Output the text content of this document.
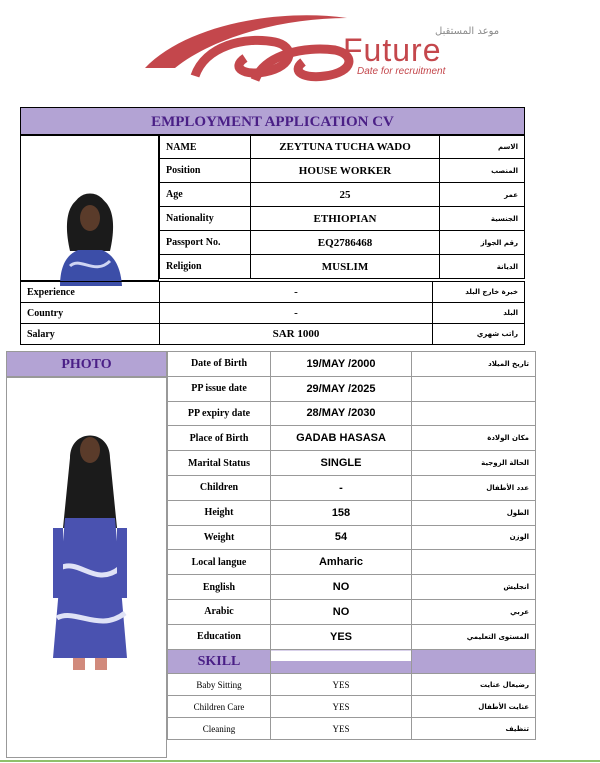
موعد المستقبل
Future
Date for recruitment
EMPLOYMENT APPLICATION CV
NAME	ZEYTUNA TUCHA WADO	الاسم
Position	HOUSE WORKER	المنصب
Age	25	عمر
Nationality	ETHIOPIAN	الجنسية
Passport No.	EQ2786468	رقم الجواز
Religion	MUSLIM	الديانة
Experience	-	خبرة خارج البلد
Country	-	البلد
Salary	SAR 1000	راتب شهري
PHOTO	Date of Birth	19/MAY /2000	تاريخ الميلاد
PP issue date	29/MAY /2025	
PP expiry date	28/MAY /2030	
Place of Birth	GADAB HASASA	مكان الولادة
Marital Status	SINGLE	الحالة الزوجية
Children	-	عدد الأطفال
Height	158	الطول
Weight	54	الوزن
Local langue	Amharic	
English	NO	انجليش
Arabic	NO	عربي
Education	YES	المستوى التعليمي
SKILL		
Baby Sitting	YES	رضيعال عنايت
Children Care	YES	عنايت الأطفال
Cleaning	YES	تنظيف
